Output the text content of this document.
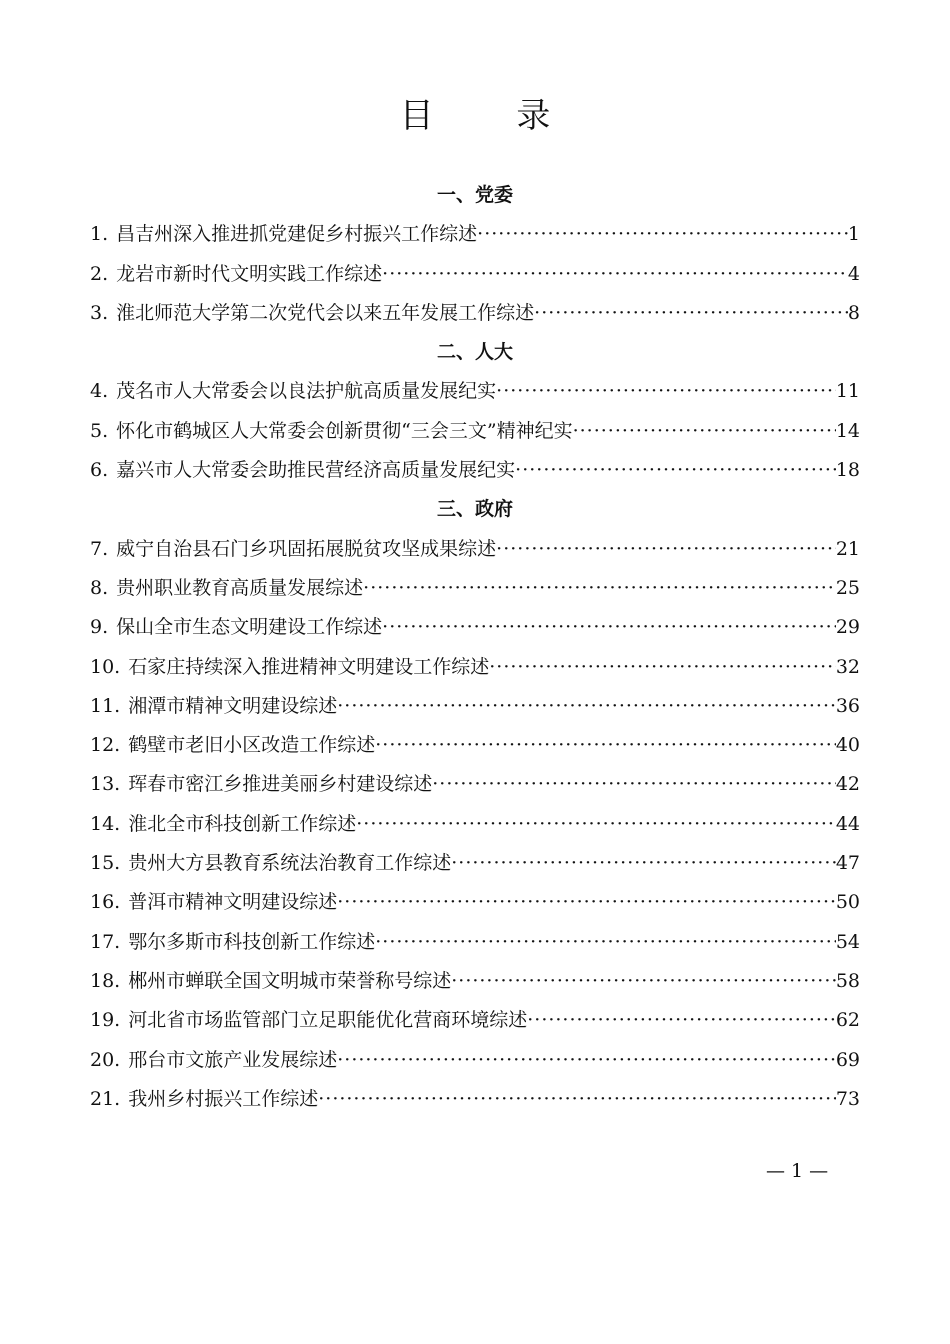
目 录
一、党委
1. 昌吉州深入推进抓党建促乡村振兴工作综述 ·····	1
2. 龙岩市新时代文明实践工作综述 ·····	4
3. 淮北师范大学第二次党代会以来五年发展工作综述 ·····	8
二、人大
4. 茂名市人大常委会以良法护航高质量发展纪实 ·····	11
5. 怀化市鹤城区人大常委会创新贯彻“三会三文”精神纪实 ·····	14
6. 嘉兴市人大常委会助推民营经济高质量发展纪实 ·····	18
三、政府
7. 威宁自治县石门乡巩固拓展脱贫攻坚成果综述 ·····	21
8. 贵州职业教育高质量发展综述 ·····	25
9. 保山全市生态文明建设工作综述 ·····	29
10. 石家庄持续深入推进精神文明建设工作综述 ·····	32
11. 湘潭市精神文明建设综述 ·····	36
12. 鹤壁市老旧小区改造工作综述 ·····	40
13. 珲春市密江乡推进美丽乡村建设综述 ·····	42
14. 淮北全市科技创新工作综述 ·····	44
15. 贵州大方县教育系统法治教育工作综述 ·····	47
16. 普洱市精神文明建设综述 ·····	50
17. 鄂尔多斯市科技创新工作综述 ·····	54
18. 郴州市蝉联全国文明城市荣誉称号综述 ·····	58
19. 河北省市场监管部门立足职能优化营商环境综述 ·····	62
20. 邢台市文旅产业发展综述 ·····	69
21. 我州乡村振兴工作综述 ·····	73
— 1 —
